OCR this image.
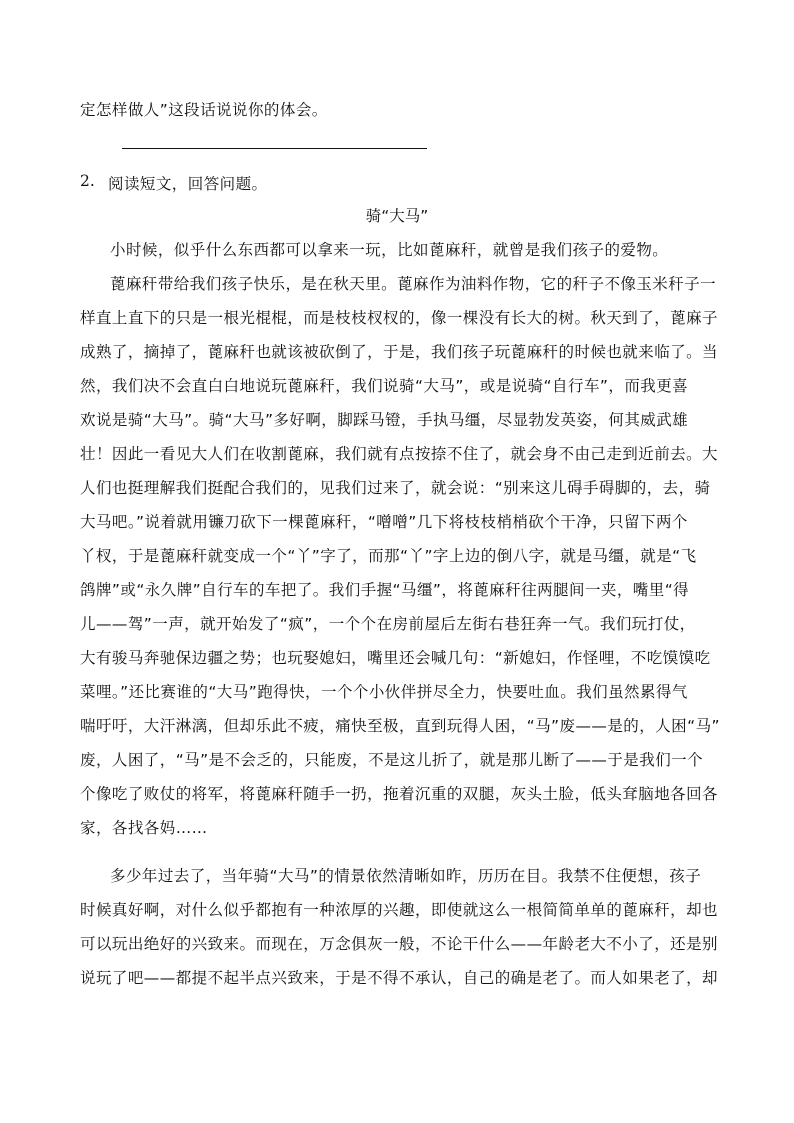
定怎样做人”这段话说说你的体会。
2. 阅读短文，回答问题。
骑“大马”
小时候，似乎什么东西都可以拿来一玩，比如蓖麻秆，就曾是我们孩子的爱物。
蓖麻秆带给我们孩子快乐，是在秋天里。蓖麻作为油料作物，它的秆子不像玉米秆子一
样直上直下的只是一根光棍棍，而是枝枝杈杈的，像一棵没有长大的树。秋天到了，蓖麻子
成熟了，摘掉了，蓖麻秆也就该被砍倒了，于是，我们孩子玩蓖麻秆的时候也就来临了。当
然，我们决不会直白白地说玩蓖麻秆，我们说骑“大马”，或是说骑“自行车”，而我更喜
欢说是骑“大马”。骑“大马”多好啊，脚踩马镫，手执马缰，尽显勃发英姿，何其威武雄
壮！因此一看见大人们在收割蓖麻，我们就有点按捺不住了，就会身不由己走到近前去。大
人们也挺理解我们挺配合我们的，见我们过来了，就会说：“别来这儿碍手碍脚的，去，骑
大马吧。”说着就用镰刀砍下一棵蓖麻秆，“噌噌”几下将枝枝梢梢砍个干净，只留下两个
丫杈，于是蓖麻秆就变成一个“丫”字了，而那“丫”字上边的倒八字，就是马缰，就是“飞
鸽牌”或“永久牌”自行车的车把了。我们手握“马缰”，将蓖麻秆往两腿间一夹，嘴里“得
儿——驾”一声，就开始发了“疯”，一个个在房前屋后左街右巷狂奔一气。我们玩打仗，
大有骏马奔驰保边疆之势；也玩娶媳妇，嘴里还会喊几句：“新媳妇，作怪哩，不吃馍馍吃
菜哩。”还比赛谁的“大马”跑得快，一个个小伙伴拼尽全力，快要吐血。我们虽然累得气
喘吁吁，大汗淋漓，但却乐此不疲，痛快至极，直到玩得人困，“马”废——是的，人困“马”
废，人困了，“马”是不会乏的，只能废，不是这儿折了，就是那儿断了——于是我们一个
个像吃了败仗的将军，将蓖麻秆随手一扔，拖着沉重的双腿，灰头土脸，低头耷脑地各回各
家，各找各妈……
多少年过去了，当年骑“大马”的情景依然清晰如昨，历历在目。我禁不住便想，孩子
时候真好啊，对什么似乎都抱有一种浓厚的兴趣，即使就这么一根简简单单的蓖麻秆，却也
可以玩出绝好的兴致来。而现在，万念俱灰一般，不论干什么——年龄老大不小了，还是别
说玩了吧——都提不起半点兴致来，于是不得不承认，自己的确是老了。而人如果老了，却
